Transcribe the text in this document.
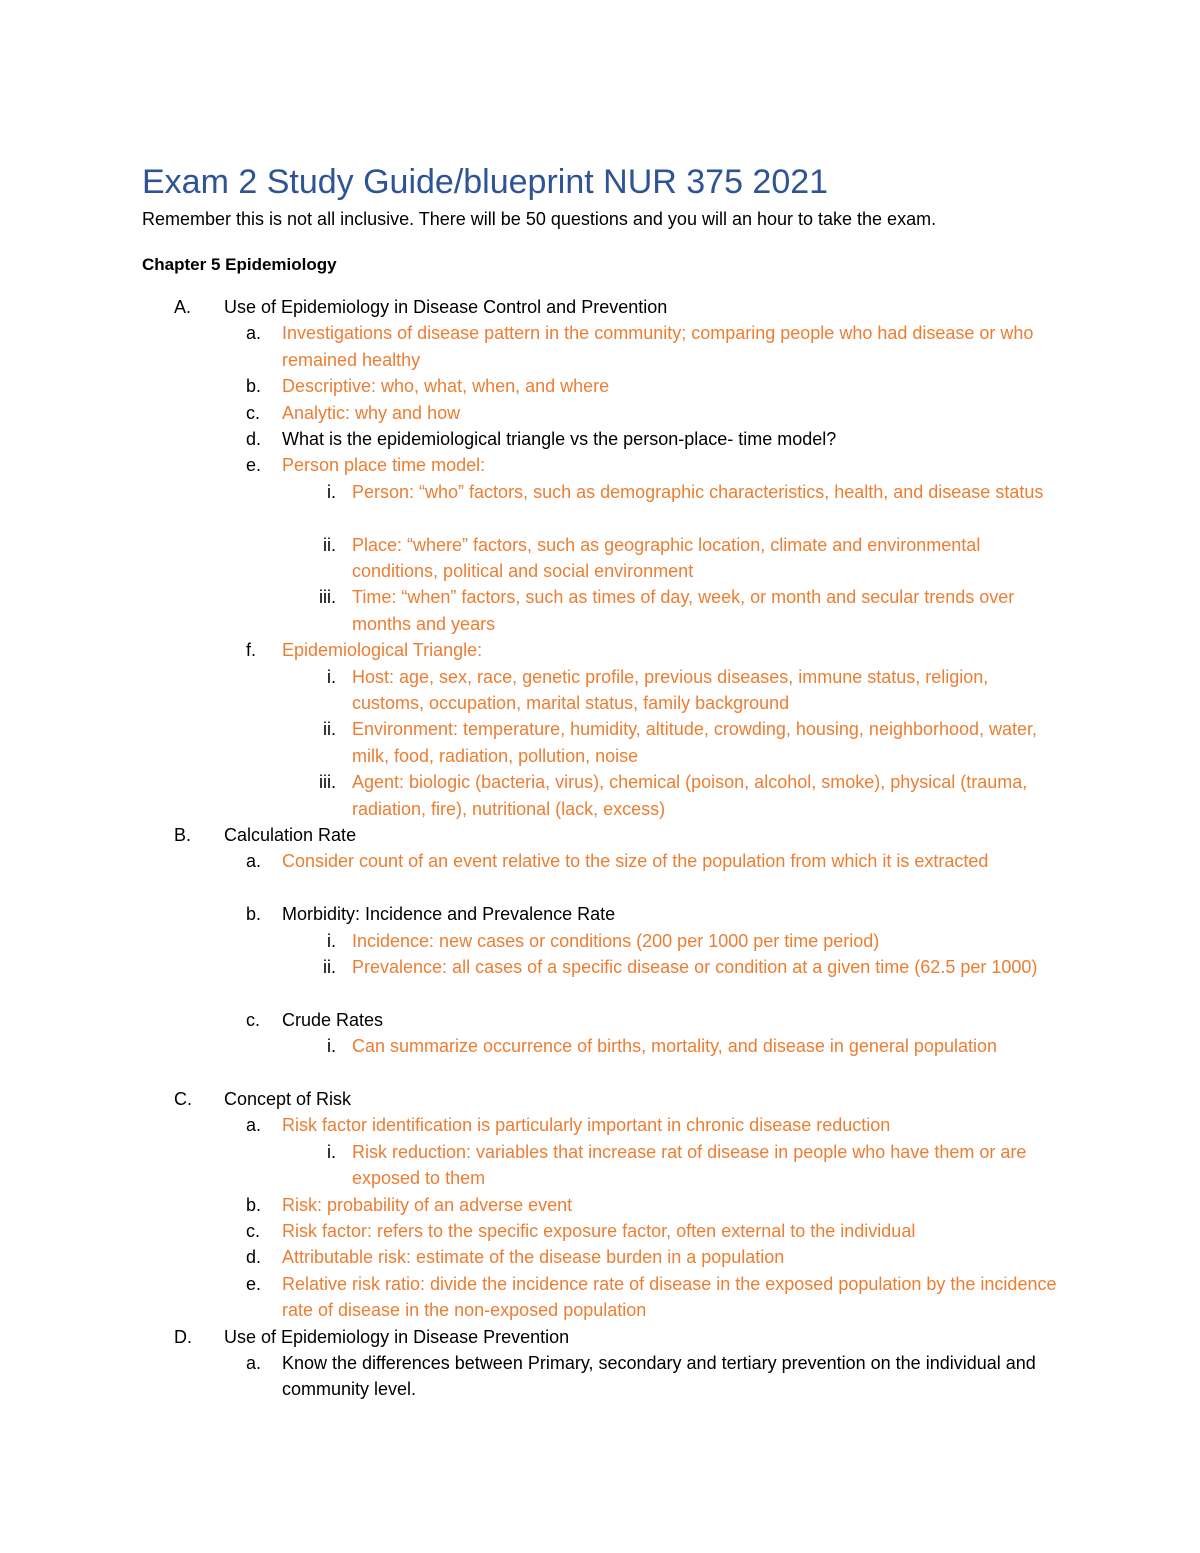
Exam 2 Study Guide/blueprint NUR 375 2021
Remember this is not all inclusive. There will be 50 questions and you will an hour to take the exam.
Chapter 5 Epidemiology
A. Use of Epidemiology in Disease Control and Prevention
a. Investigations of disease pattern in the community; comparing people who had disease or who remained healthy
b. Descriptive: who, what, when, and where
c. Analytic: why and how
d. What is the epidemiological triangle vs the person-place- time model?
e. Person place time model:
i. Person: “who” factors, such as demographic characteristics, health, and disease status
ii. Place: “where” factors, such as geographic location, climate and environmental conditions, political and social environment
iii. Time: “when” factors, such as times of day, week, or month and secular trends over months and years
f. Epidemiological Triangle:
i. Host: age, sex, race, genetic profile, previous diseases, immune status, religion, customs, occupation, marital status, family background
ii. Environment: temperature, humidity, altitude, crowding, housing, neighborhood, water, milk, food, radiation, pollution, noise
iii. Agent: biologic (bacteria, virus), chemical (poison, alcohol, smoke), physical (trauma, radiation, fire), nutritional (lack, excess)
B. Calculation Rate
a. Consider count of an event relative to the size of the population from which it is extracted
b. Morbidity: Incidence and Prevalence Rate
i. Incidence: new cases or conditions (200 per 1000 per time period)
ii. Prevalence: all cases of a specific disease or condition at a given time (62.5 per 1000)
c. Crude Rates
i. Can summarize occurrence of births, mortality, and disease in general population
C. Concept of Risk
a. Risk factor identification is particularly important in chronic disease reduction
i. Risk reduction: variables that increase rat of disease in people who have them or are exposed to them
b. Risk: probability of an adverse event
c. Risk factor: refers to the specific exposure factor, often external to the individual
d. Attributable risk: estimate of the disease burden in a population
e. Relative risk ratio: divide the incidence rate of disease in the exposed population by the incidence rate of disease in the non-exposed population
D. Use of Epidemiology in Disease Prevention
a. Know the differences between Primary, secondary and tertiary prevention on the individual and community level.
